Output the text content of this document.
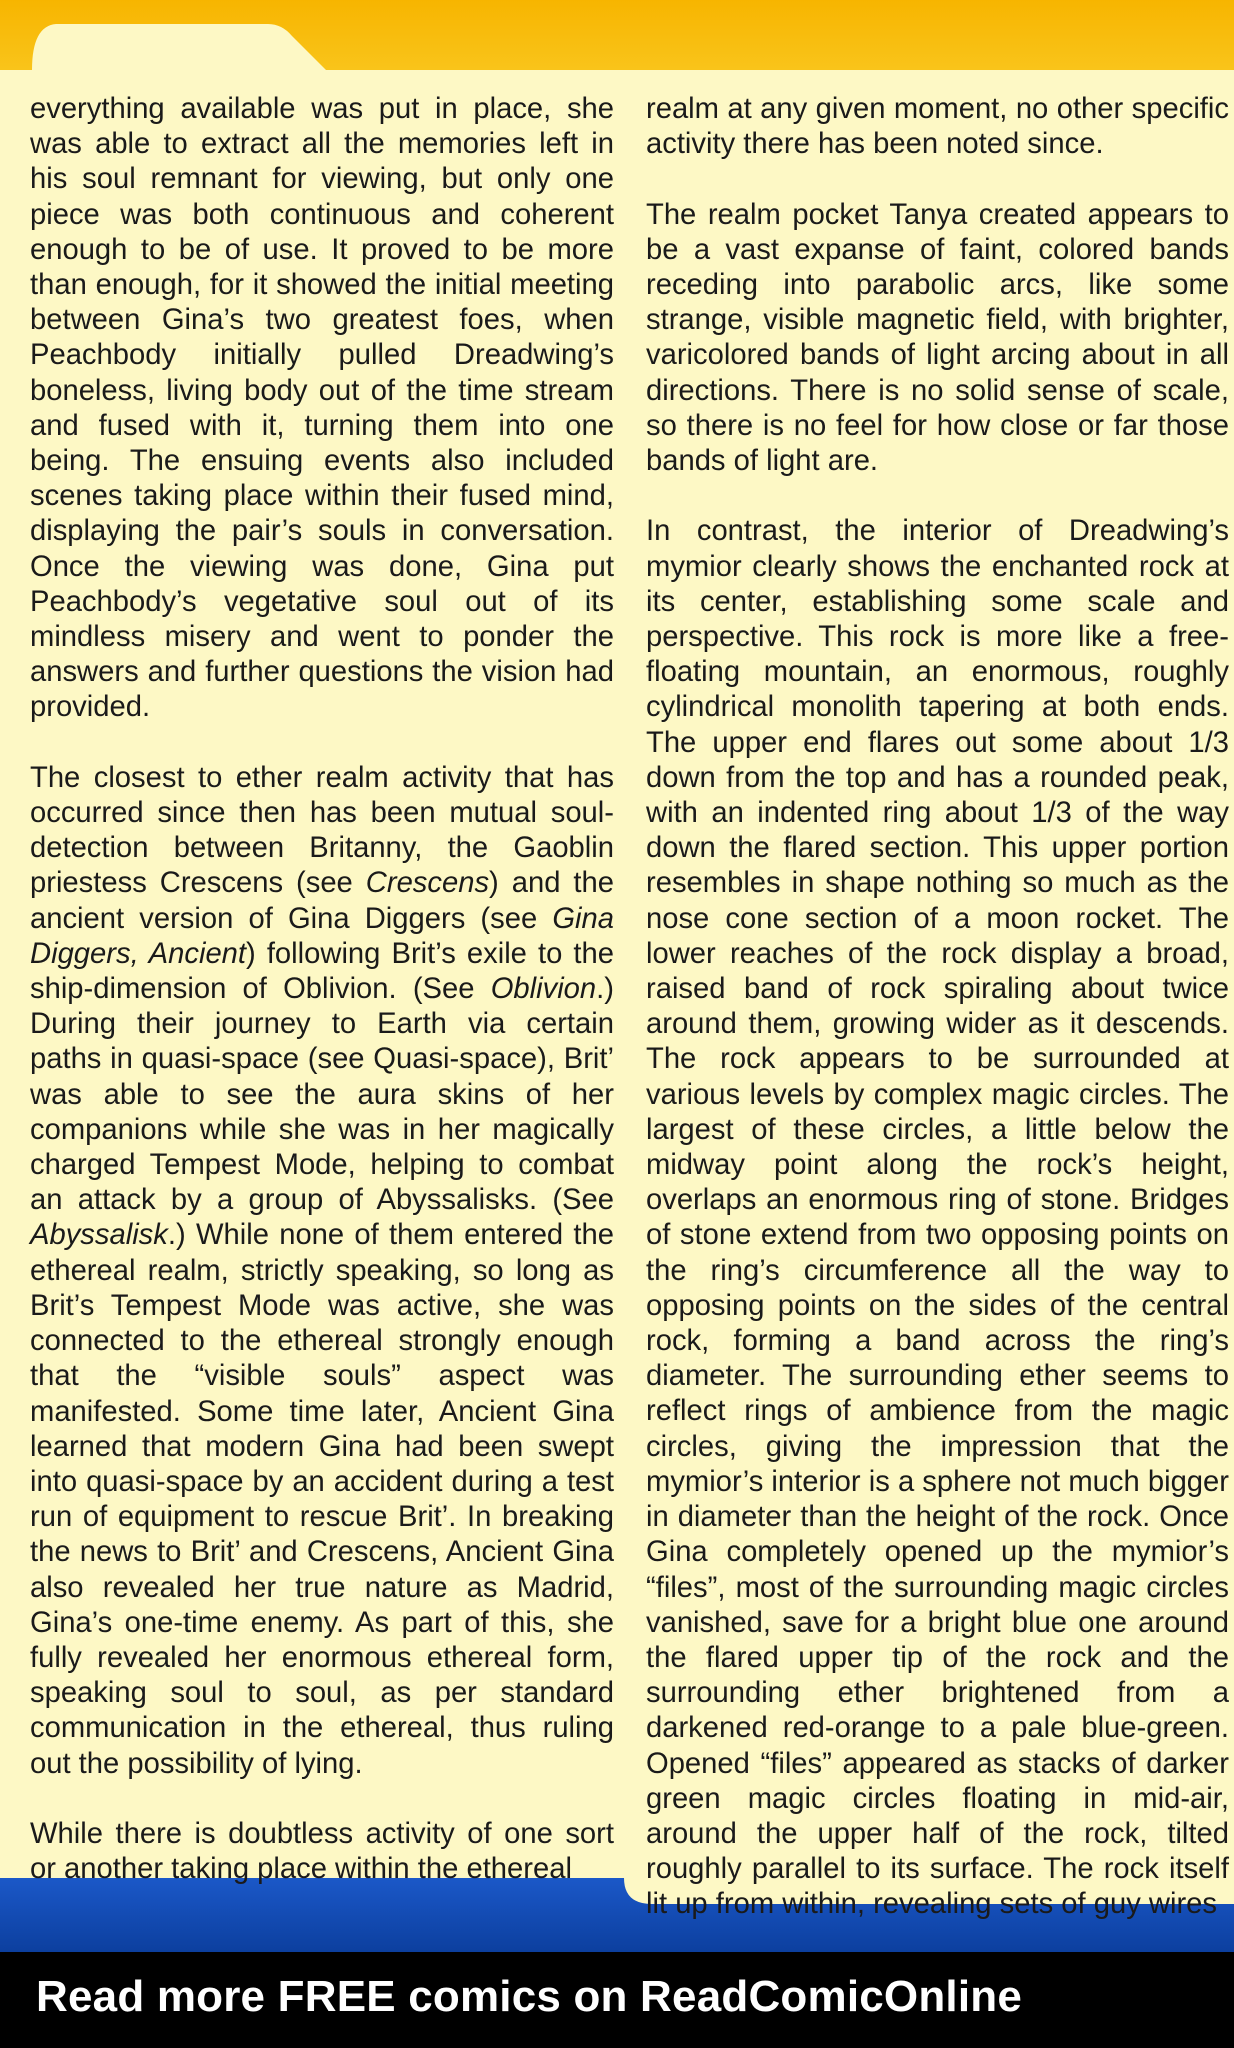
everything available was put in place, she was able to extract all the memories left in his soul remnant for viewing, but only one piece was both continuous and coherent enough to be of use. It proved to be more than enough, for it showed the initial meeting between Gina’s two greatest foes, when Peachbody initially pulled Dreadwing’s boneless, living body out of the time stream and fused with it, turning them into one being. The ensuing events also included scenes taking place within their fused mind, displaying the pair’s souls in conversation. Once the viewing was done, Gina put Peachbody’s vegetative soul out of its mindless misery and went to ponder the answers and further questions the vision had provided.

The closest to ether realm activity that has occurred since then has been mutual soul-detection between Britanny, the Gaoblin priestess Crescens (see Crescens) and the ancient version of Gina Diggers (see Gina Diggers, Ancient) following Brit’s exile to the ship-dimension of Oblivion. (See Oblivion.) During their journey to Earth via certain paths in quasi-space (see Quasi-space), Brit’ was able to see the aura skins of her companions while she was in her magically charged Tempest Mode, helping to combat an attack by a group of Abyssalisks. (See Abyssalisk.) While none of them entered the ethereal realm, strictly speaking, so long as Brit’s Tempest Mode was active, she was connected to the ethereal strongly enough that the “visible souls” aspect was manifested. Some time later, Ancient Gina learned that modern Gina had been swept into quasi-space by an accident during a test run of equipment to rescue Brit’. In breaking the news to Brit’ and Crescens, Ancient Gina also revealed her true nature as Madrid, Gina’s one-time enemy. As part of this, she fully revealed her enormous ethereal form, speaking soul to soul, as per standard communication in the ethereal, thus ruling out the possibility of lying.

While there is doubtless activity of one sort or another taking place within the ethereal

realm at any given moment, no other specific activity there has been noted since.

The realm pocket Tanya created appears to be a vast expanse of faint, colored bands receding into parabolic arcs, like some strange, visible magnetic field, with brighter, varicolored bands of light arcing about in all directions. There is no solid sense of scale, so there is no feel for how close or far those bands of light are.

In contrast, the interior of Dreadwing’s mymior clearly shows the enchanted rock at its center, establishing some scale and perspective. This rock is more like a free-floating mountain, an enormous, roughly cylindrical monolith tapering at both ends. The upper end flares out some about 1/3 down from the top and has a rounded peak, with an indented ring about 1/3 of the way down the flared section. This upper portion resembles in shape nothing so much as the nose cone section of a moon rocket. The lower reaches of the rock display a broad, raised band of rock spiraling about twice around them, growing wider as it descends. The rock appears to be surrounded at various levels by complex magic circles. The largest of these circles, a little below the midway point along the rock’s height, overlaps an enormous ring of stone. Bridges of stone extend from two opposing points on the ring’s circumference all the way to opposing points on the sides of the central rock, forming a band across the ring’s diameter. The surrounding ether seems to reflect rings of ambience from the magic circles, giving the impression that the mymior’s interior is a sphere not much bigger in diameter than the height of the rock. Once Gina completely opened up the mymior’s “files”, most of the surrounding magic circles vanished, save for a bright blue one around the flared upper tip of the rock and the surrounding ether brightened from a darkened red-orange to a pale blue-green. Opened “files” appeared as stacks of darker green magic circles floating in mid-air, around the upper half of the rock, tilted roughly parallel to its surface. The rock itself lit up from within, revealing sets of guy wires

Read more FREE comics on ReadComicOnline
